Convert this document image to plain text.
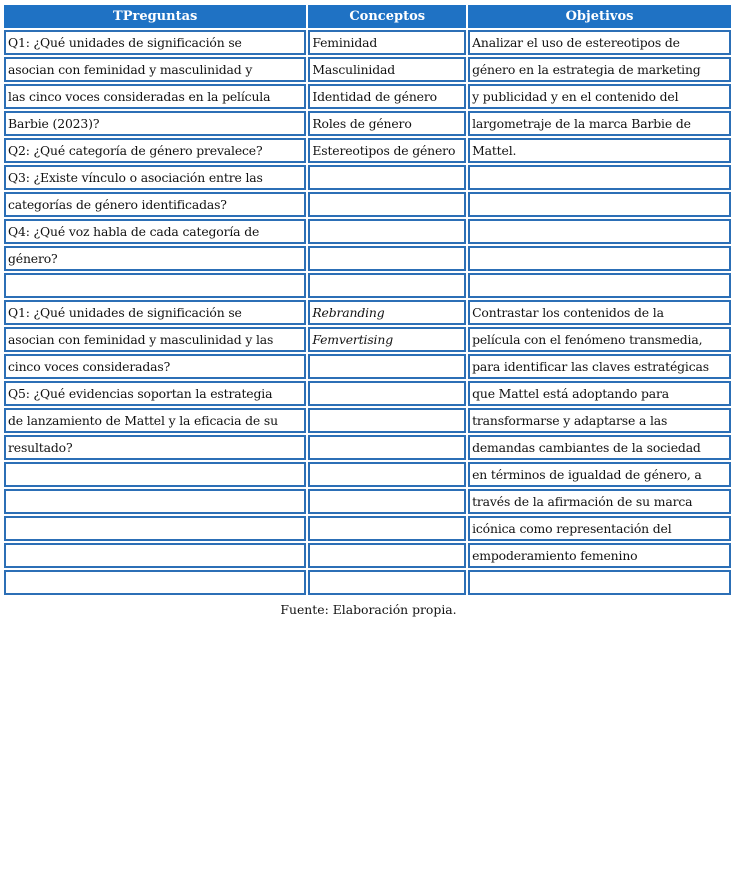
TPreguntas	Conceptos	Objetivos
Q1: ¿Qué unidades de significación se	Feminidad	Analizar el uso de estereotipos de
asocian con feminidad y masculinidad y	Masculinidad	género en la estrategia de marketing
las cinco voces consideradas en la película	Identidad de género	y publicidad y en el contenido del
Barbie (2023)?	Roles de género	largometraje de la marca Barbie de
Q2: ¿Qué categoría de género prevalece?	Estereotipos de género	Mattel.
Q3: ¿Existe vínculo o asociación entre las		
categorías de género identificadas?		
Q4: ¿Qué voz habla de cada categoría de		
género?		

Q1: ¿Qué unidades de significación se	Rebranding	Contrastar los contenidos de la
asocian con feminidad y masculinidad y las	Femvertising	película con el fenómeno transmedia,
cinco voces consideradas?		para identificar las claves estratégicas
Q5: ¿Qué evidencias soportan la estrategia		que Mattel está adoptando para
de lanzamiento de Mattel y la eficacia de su		transformarse y adaptarse a las
resultado?		demandas cambiantes de la sociedad
		en términos de igualdad de género, a
		través de la afirmación de su marca
		icónica como representación del
		empoderamiento femenino

Fuente: Elaboración propia.
